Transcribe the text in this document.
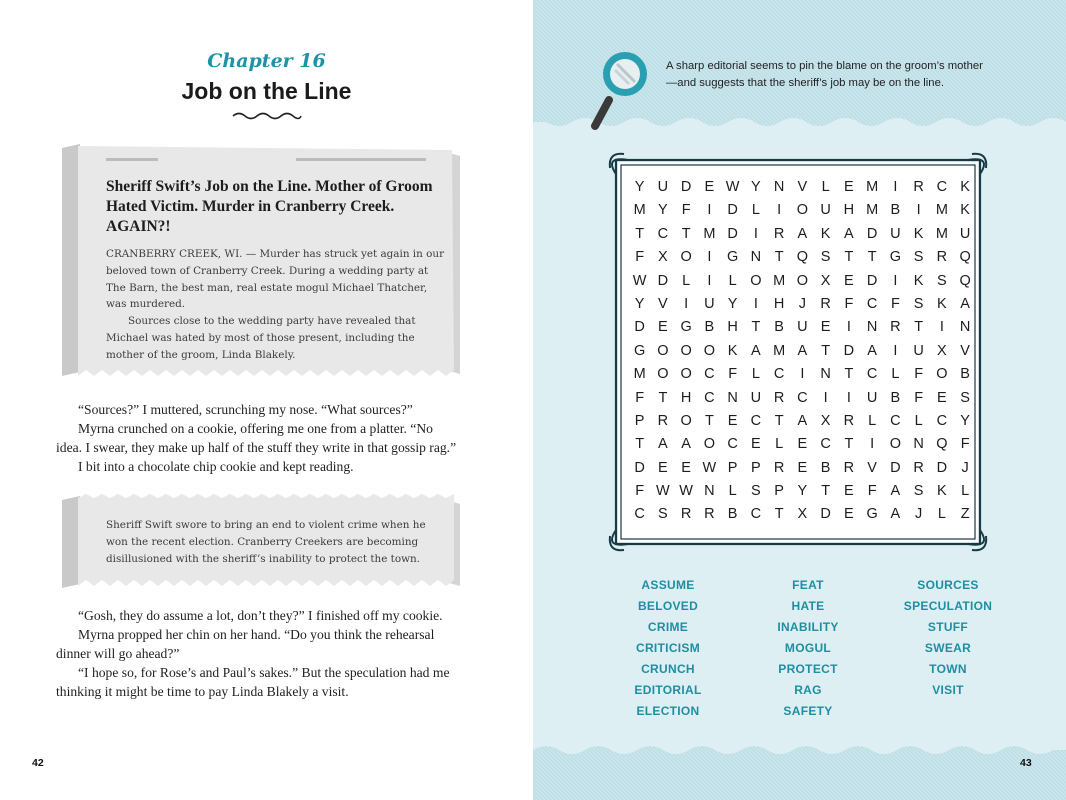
Chapter 16
Job on the Line
Sheriff Swift’s Job on the Line. Mother of Groom Hated Victim. Murder in Cranberry Creek. AGAIN?!

CRANBERRY CREEK, WI. — Murder has struck yet again in our beloved town of Cranberry Creek. During a wedding party at The Barn, the best man, real estate mogul Michael Thatcher, was murdered.

Sources close to the wedding party have revealed that Michael was hated by most of those present, including the mother of the groom, Linda Blakely.

“Sources?” I muttered, scrunching my nose. “What sources?”

Myrna crunched on a cookie, offering me one from a platter. “No idea. I swear, they make up half of the stuff they write in that gossip rag.”

I bit into a chocolate chip cookie and kept reading.

Sheriff Swift swore to bring an end to violent crime when he won the recent election. Cranberry Creekers are becoming disillusioned with the sheriff’s inability to protect the town.

“Gosh, they do assume a lot, don’t they?” I finished off my cookie.

Myrna propped her chin on her hand. “Do you think the rehearsal dinner will go ahead?”

“I hope so, for Rose’s and Paul’s sakes.” But the speculation had me thinking it might be time to pay Linda Blakely a visit.

42
A sharp editorial seems to pin the blame on the groom’s mother—and suggests that the sheriff’s job may be on the line.
43
Y U D E W Y N V L E M	I	R C K
M Y F	I	D L	I	O U H M B	I	M K
T C T M D	I	R A K A D U K M U
F X O	I	G N T Q S T T G S R Q
W D L	I	L O M O X E D	I	K S Q
Y V	I	U Y	I	H J R F C F S K A
D E G B H T B U E	I	N R T	I	N
G O O O K A M A T D A	I	U X V
M O O C F	L C	I	N T C L	F O B
F T H C N U R C	I	I	U B F E S
P R O T E C T A X R L C L C Y
T A A O C E L E C T	I	O N Q F
D E E W P P R E B R V D R D J
F W W N L S P Y T E F A S K L
C S R R B C T X D E G A	J	L	Z
ASSUME
BELOVED
CRIME
CRITICISM
CRUNCH
EDITORIAL
ELECTION
FEAT
HATE
INABILITY
MOGUL
PROTECT
RAG
SAFETY
SOURCES
SPECULATION
STUFF
SWEAR
TOWN
VISIT
